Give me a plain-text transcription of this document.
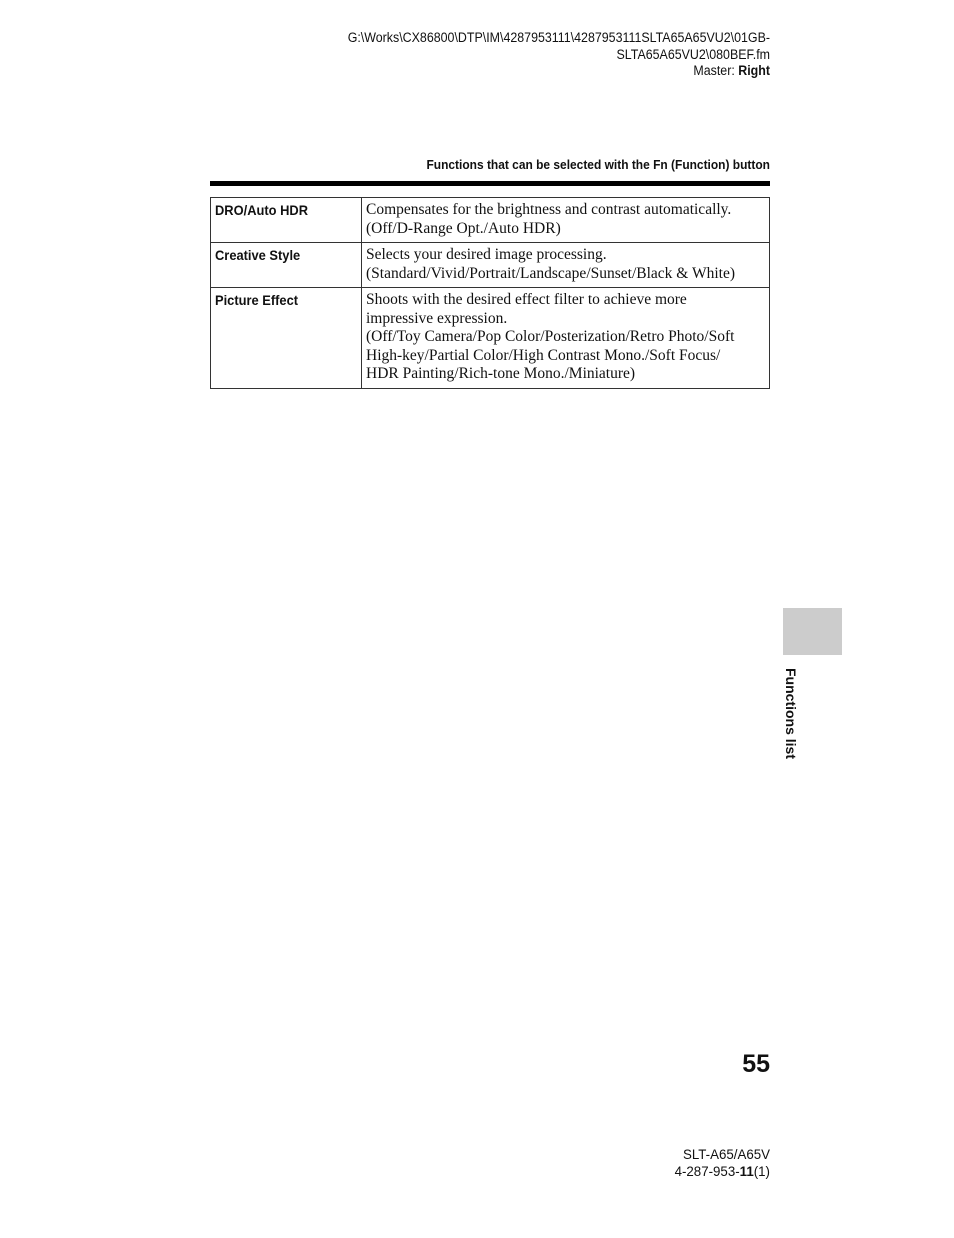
G:\Works\CX86800\DTP\IM\4287953111\4287953111SLTA65A65VU2\01GB-
SLTA65A65VU2\080BEF.fm
Master: Right
Functions that can be selected with the Fn (Function) button
DRO/Auto HDR	Compensates for the brightness and contrast automatically.
(Off/D-Range Opt./Auto HDR)

Creative Style	Selects your desired image processing.
(Standard/Vivid/Portrait/Landscape/Sunset/Black & White)

Picture Effect	Shoots with the desired effect filter to achieve more
impressive expression.
(Off/Toy Camera/Pop Color/Posterization/Retro Photo/Soft
High-key/Partial Color/High Contrast Mono./Soft Focus/
HDR Painting/Rich-tone Mono./Miniature)
Functions list
55
SLT-A65/A65V
4-287-953-11(1)
